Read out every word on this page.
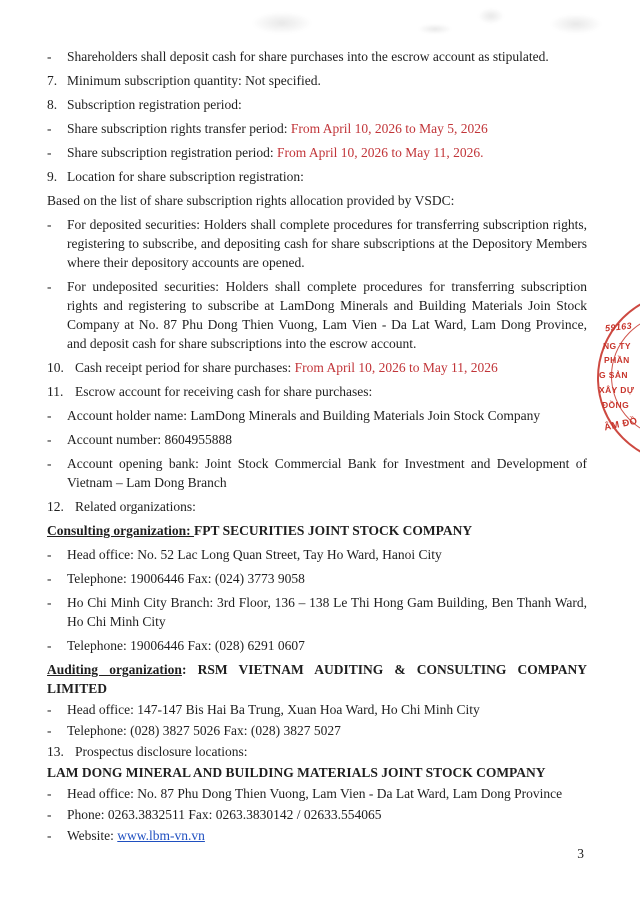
- Shareholders shall deposit cash for share purchases into the escrow account as stipulated.
7. Minimum subscription quantity: Not specified.
8. Subscription registration period:
- Share subscription rights transfer period: From April 10, 2026 to May 5, 2026
- Share subscription registration period: From April 10, 2026 to May 11, 2026.
9. Location for share subscription registration:
Based on the list of share subscription rights allocation provided by VSDC:
- For deposited securities: Holders shall complete procedures for transferring subscription rights, registering to subscribe, and depositing cash for share subscriptions at the Depository Members where their depository accounts are opened.
- For undeposited securities: Holders shall complete procedures for transferring subscription rights and registering to subscribe at LamDong Minerals and Building Materials Join Stock Company at No. 87 Phu Dong Thien Vuong, Lam Vien - Da Lat Ward, Lam Dong Province, and deposit cash for share subscriptions into the escrow account.
10. Cash receipt period for share purchases: From April 10, 2026 to May 11, 2026
11. Escrow account for receiving cash for share purchases:
- Account holder name: LamDong Minerals and Building Materials Join Stock Company
- Account number: 8604955888
- Account opening bank: Joint Stock Commercial Bank for Investment and Development of Vietnam – Lam Dong Branch
12. Related organizations:
Consulting organization: FPT SECURITIES JOINT STOCK COMPANY
- Head office: No. 52 Lac Long Quan Street, Tay Ho Ward, Hanoi City
- Telephone: 19006446 Fax: (024) 3773 9058
- Ho Chi Minh City Branch: 3rd Floor, 136 – 138 Le Thi Hong Gam Building, Ben Thanh Ward, Ho Chi Minh City
- Telephone: 19006446 Fax: (028) 6291 0607
Auditing organization: RSM VIETNAM AUDITING & CONSULTING COMPANY LIMITED
- Head office: 147-147 Bis Hai Ba Trung, Xuan Hoa Ward, Ho Chi Minh City
- Telephone: (028) 3827 5026 Fax: (028) 3827 5027
13. Prospectus disclosure locations:
LAM DONG MINERAL AND BUILDING MATERIALS JOINT STOCK COMPANY
- Head office: No. 87 Phu Dong Thien Vuong, Lam Vien - Da Lat Ward, Lam Dong Province
- Phone: 0263.3832511 Fax: 0263.3830142 / 02633.554065
- Website: www.lbm-vn.vn
59163
NG TY
PHẦN
G SẢN
XÂY DỰ
ĐỒNG
ÂM ĐỒ
3
